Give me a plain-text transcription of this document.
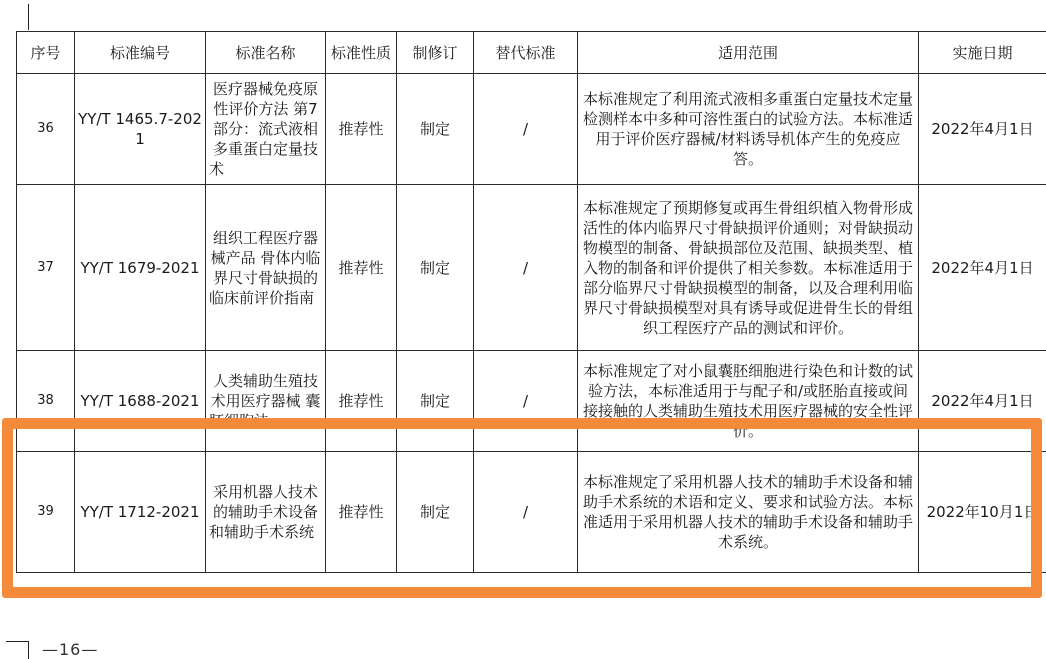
序号	标准编号	标准名称	标准性质	制修订	替代标准	适用范围	实施日期
36	YY/T 1465.7-2021	医疗器械免疫原性评价方法 第7部分：流式液相多重蛋白定量技术	推荐性	制定	/	本标准规定了利用流式液相多重蛋白定量技术定量检测样本中多种可溶性蛋白的试验方法。本标准适用于评价医疗器械/材料诱导机体产生的免疫应答。	2022年4月1日
37	YY/T 1679-2021	组织工程医疗器械产品 骨体内临界尺寸骨缺损的临床前评价指南	推荐性	制定	/	本标准规定了预期修复或再生骨组织植入物骨形成活性的体内临界尺寸骨缺损评价通则；对骨缺损动物模型的制备、骨缺损部位及范围、缺损类型、植入物的制备和评价提供了相关参数。本标准适用于部分临界尺寸骨缺损模型的制备，以及合理利用临界尺寸骨缺损模型对具有诱导或促进骨生长的骨组织工程医疗产品的测试和评价。	2022年4月1日
38	YY/T 1688-2021	人类辅助生殖技术用医疗器械 囊胚细胞法	推荐性	制定	/	本标准规定了对小鼠囊胚细胞进行染色和计数的试验方法，本标准适用于与配子和/或胚胎直接或间接接触的人类辅助生殖技术用医疗器械的安全性评价。	2022年4月1日
39	YY/T 1712-2021	采用机器人技术的辅助手术设备和辅助手术系统	推荐性	制定	/	本标准规定了采用机器人技术的辅助手术设备和辅助手术系统的术语和定义、要求和试验方法。本标准适用于采用机器人技术的辅助手术设备和辅助手术系统。	2022年10月1日
—16—
